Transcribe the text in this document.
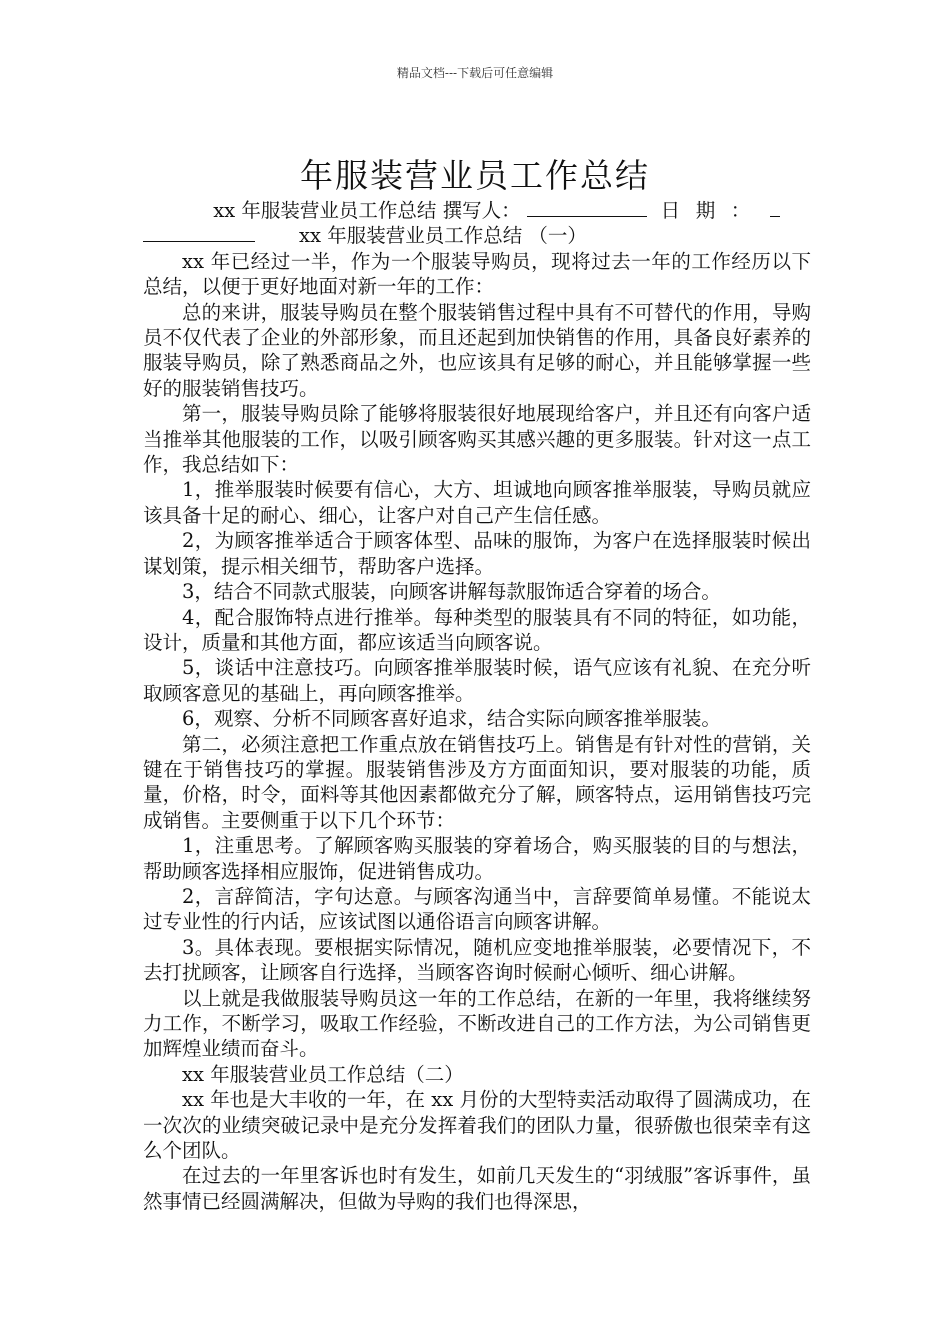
精品文档---下载后可任意编辑
年服装营业员工作总结
xx 年服装营业员工作总结 撰写人：	日期：
xx 年服装营业员工作总结 （一）

xx 年已经过一半，作为一个服装导购员，现将过去一年的工作经历以下总结，以便于更好地面对新一年的工作：

总的来讲，服装导购员在整个服装销售过程中具有不可替代的作用，导购员不仅代表了企业的外部形象，而且还起到加快销售的作用，具备良好素养的服装导购员，除了熟悉商品之外，也应该具有足够的耐心，并且能够掌握一些好的服装销售技巧。

第一，服装导购员除了能够将服装很好地展现给客户，并且还有向客户适当推举其他服装的工作，以吸引顾客购买其感兴趣的更多服装。针对这一点工作，我总结如下：

1，推举服装时候要有信心，大方、坦诚地向顾客推举服装，导购员就应该具备十足的耐心、细心，让客户对自己产生信任感。

2，为顾客推举适合于顾客体型、品味的服饰，为客户在选择服装时候出谋划策，提示相关细节，帮助客户选择。

3，结合不同款式服装，向顾客讲解每款服饰适合穿着的场合。

4，配合服饰特点进行推举。每种类型的服装具有不同的特征，如功能，设计，质量和其他方面，都应该适当向顾客说。

5，谈话中注意技巧。向顾客推举服装时候，语气应该有礼貌、在充分听取顾客意见的基础上，再向顾客推举。

6，观察、分析不同顾客喜好追求，结合实际向顾客推举服装。

第二，必须注意把工作重点放在销售技巧上。销售是有针对性的营销，关键在于销售技巧的掌握。服装销售涉及方方面面知识，要对服装的功能，质量，价格，时令，面料等其他因素都做充分了解，顾客特点，运用销售技巧完成销售。主要侧重于以下几个环节：

1，注重思考。了解顾客购买服装的穿着场合，购买服装的目的与想法，帮助顾客选择相应服饰，促进销售成功。

2，言辞简洁，字句达意。与顾客沟通当中，言辞要简单易懂。不能说太过专业性的行内话，应该试图以通俗语言向顾客讲解。

3。具体表现。要根据实际情况，随机应变地推举服装，必要情况下，不去打扰顾客，让顾客自行选择，当顾客咨询时候耐心倾听、细心讲解。

以上就是我做服装导购员这一年的工作总结，在新的一年里，我将继续努力工作，不断学习，吸取工作经验，不断改进自己的工作方法，为公司销售更加辉煌业绩而奋斗。

xx 年服装营业员工作总结（二）

xx 年也是大丰收的一年，在 xx 月份的大型特卖活动取得了圆满成功，在一次次的业绩突破记录中是充分发挥着我们的团队力量，很骄傲也很荣幸有这么个团队。

在过去的一年里客诉也时有发生，如前几天发生的“羽绒服”客诉事件，虽然事情已经圆满解决，但做为导购的我们也得深思，
